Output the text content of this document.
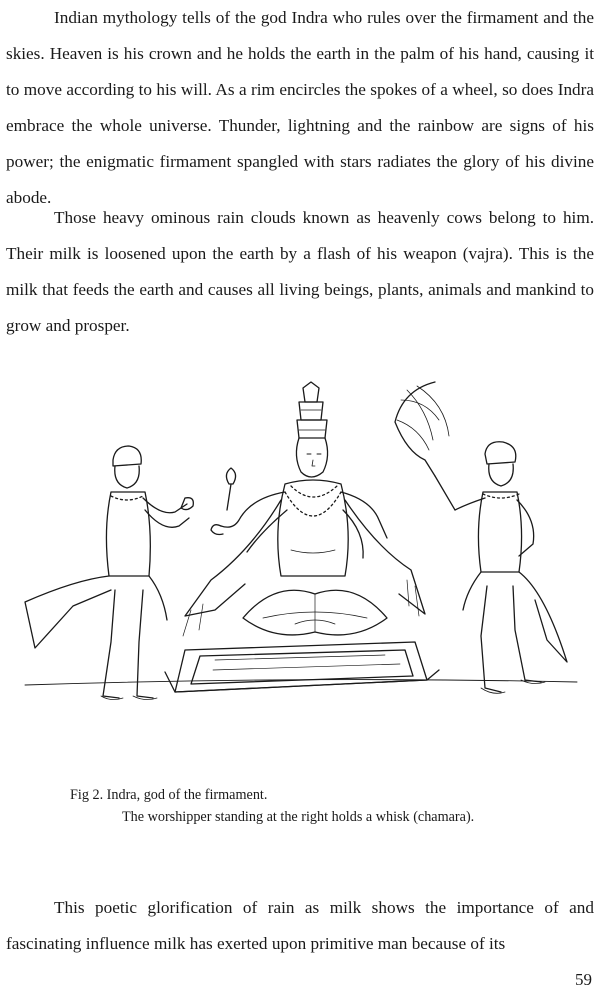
Indian mythology tells of the god Indra who rules over the firmament and the skies. Heaven is his crown and he holds the earth in the palm of his hand, causing it to move according to his will. As a rim encircles the spokes of a wheel, so does Indra embrace the whole universe. Thunder, lightning and the rainbow are signs of his power; the enigmatic firmament spangled with stars radiates the glory of his divine abode.

Those heavy ominous rain clouds known as heavenly cows belong to him. Their milk is loosened upon the earth by a flash of his weapon (vajra). This is the milk that feeds the earth and causes all living beings, plants, animals and mankind to grow and prosper.

Fig 2. Indra, god of the firmament.
The worshipper standing at the right holds a whisk (chamara).

This poetic glorification of rain as milk shows the importance of and fascinating influence milk has exerted upon primitive man because of its

59
